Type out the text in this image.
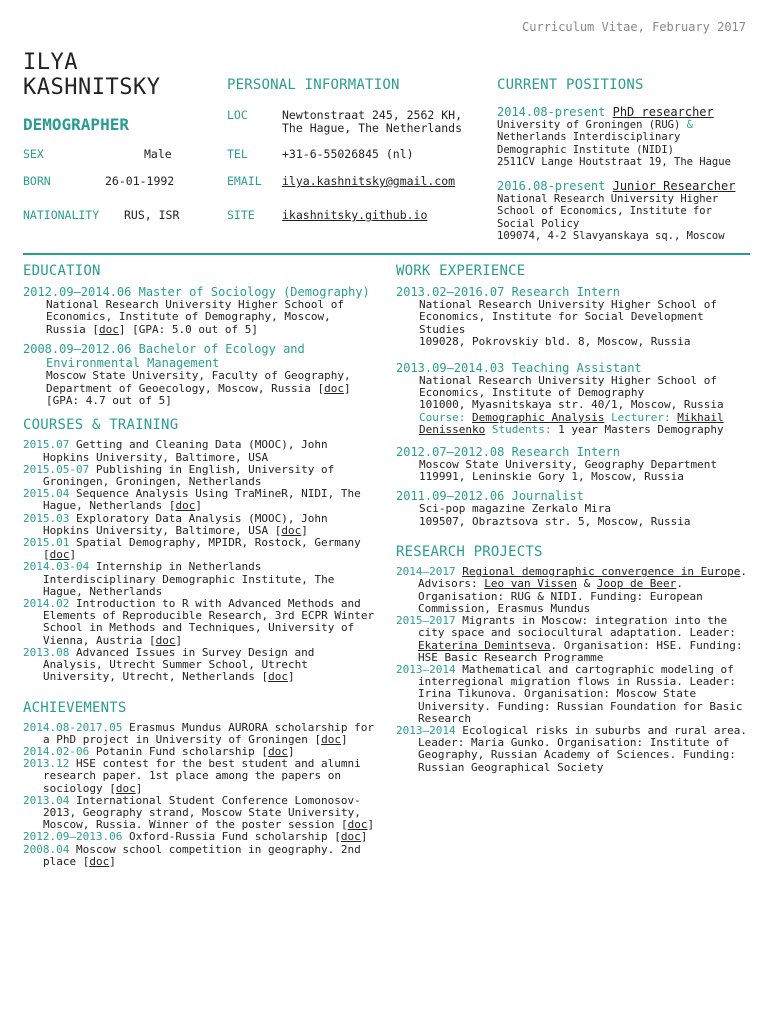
Curriculum Vitae, February 2017
ILYA
KASHNITSKY
DEMOGRAPHER
SEX	Male
BORN	26-01-1992
NATIONALITY RUS, ISR
PERSONAL INFORMATION
LOC	Newtonstraat 245, 2562 KH,
The Hague, The Netherlands
TEL	+31-6-55026845 (nl)
EMAIL ilya.kashnitsky@gmail.com
SITE ikashnitsky.github.io
CURRENT POSITIONS
2014.08-present PhD researcher
University of Groningen (RUG) & Netherlands Interdisciplinary Demographic Institute (NIDI)
2511CV Lange Houtstraat 19, The Hague
2016.08-present Junior Researcher
National Research University Higher School of Economics, Institute for Social Policy
109074, 4-2 Slavyanskaya sq., Moscow
EDUCATION
2012.09–2014.06 Master of Sociology (Demography)
National Research University Higher School of Economics, Institute of Demography, Moscow, Russia [doc] [GPA: 5.0 out of 5]
2008.09–2012.06 Bachelor of Ecology and
Environmental Management
Moscow State University, Faculty of Geography, Department of Geoecology, Moscow, Russia [doc]
[GPA: 4.7 out of 5]
COURSES & TRAINING
2015.07 Getting and Cleaning Data (MOOC), John Hopkins University, Baltimore, USA
2015.05-07 Publishing in English, University of Groningen, Groningen, Netherlands
2015.04 Sequence Analysis Using TraMineR, NIDI, The Hague, Netherlands [doc]
2015.03 Exploratory Data Analysis (MOOC), John Hopkins University, Baltimore, USA [doc]
2015.01 Spatial Demography, MPIDR, Rostock, Germany [doc]
2014.03-04 Internship in Netherlands Interdisciplinary Demographic Institute, The Hague, Netherlands
2014.02 Introduction to R with Advanced Methods and Elements of Reproducible Research, 3rd ECPR Winter School in Methods and Techniques, University of Vienna, Austria [doc]
2013.08 Advanced Issues in Survey Design and Analysis, Utrecht Summer School, Utrecht University, Utrecht, Netherlands [doc]
ACHIEVEMENTS
2014.08-2017.05 Erasmus Mundus AURORA scholarship for a PhD project in University of Groningen [doc]
2014.02-06 Potanin Fund scholarship [doc]
2013.12 HSE contest for the best student and alumni research paper. 1st place among the papers on sociology [doc]
2013.04 International Student Conference Lomonosov-2013, Geography strand, Moscow State University, Moscow, Russia. Winner of the poster session [doc]
2012.09–2013.06 Oxford-Russia Fund scholarship [doc]
2008.04 Moscow school competition in geography. 2nd place [doc]
WORK EXPERIENCE
2013.02–2016.07 Research Intern
National Research University Higher School of Economics, Institute for Social Development Studies
109028, Pokrovskiy bld. 8, Moscow, Russia
2013.09–2014.03 Teaching Assistant
National Research University Higher School of Economics, Institute of Demography
101000, Myasnitskaya str. 40/1, Moscow, Russia
Course: Demographic Analysis Lecturer: Mikhail Denissenko Students: 1 year Masters Demography
2012.07–2012.08 Research Intern
Moscow State University, Geography Department
119991, Leninskie Gory 1, Moscow, Russia
2011.09–2012.06 Journalist
Sci-pop magazine Zerkalo Mira
109507, Obraztsova str. 5, Moscow, Russia
RESEARCH PROJECTS
2014–2017 Regional demographic convergence in Europe. Advisors: Leo van Vissen & Joop de Beer. Organisation: RUG & NIDI. Funding: European Commission, Erasmus Mundus
2015–2017 Migrants in Moscow: integration into the city space and sociocultural adaptation. Leader: Ekaterina Demintseva. Organisation: HSE. Funding: HSE Basic Research Programme
2013–2014 Mathematical and cartographic modeling of interregional migration flows in Russia. Leader: Irina Tikunova. Organisation: Moscow State University. Funding: Russian Foundation for Basic Research
2013–2014 Ecological risks in suburbs and rural area. Leader: Maria Gunko. Organisation: Institute of Geography, Russian Academy of Sciences. Funding: Russian Geographical Society
